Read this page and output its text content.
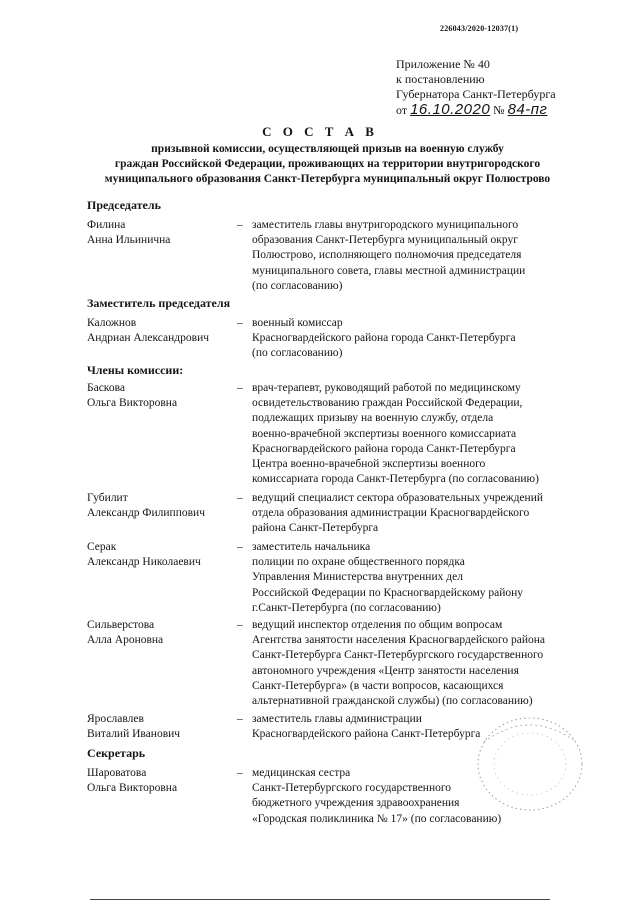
226043/2020-12037(1)
Приложение № 40
к постановлению
Губернатора Санкт-Петербурга
от 16.10.2020 № 84-пг
С О С Т А В
призывной комиссии, осуществляющей призыв на военную службу
граждан Российской Федерации, проживающих на территории внутригородского
муниципального образования Санкт-Петербурга муниципальный округ Полюстрово
Председатель
Филина
Анна Ильинична
– заместитель главы внутригородского муниципального
образования Санкт-Петербурга муниципальный округ
Полюстрово, исполняющего полномочия председателя
муниципального совета, главы местной администрации
(по согласованию)
Заместитель председателя
Каложнов
Андриан Александрович
– военный комиссар
Красногвардейского района города Санкт-Петербурга
(по согласованию)
Члены комиссии:
Баскова
Ольга Викторовна
– врач-терапевт, руководящий работой по медицинскому
освидетельствованию граждан Российской Федерации,
подлежащих призыву на военную службу, отдела
военно-врачебной экспертизы военного комиссариата
Красногвардейского района города Санкт-Петербурга
Центра военно-врачебной экспертизы военного
комиссариата города Санкт-Петербурга (по согласованию)
Губилит
Александр Филиппович
– ведущий специалист сектора образовательных учреждений
отдела образования администрации Красногвардейского
района Санкт-Петербурга
Серак
Александр Николаевич
– заместитель начальника
полиции по охране общественного порядка
Управления Министерства внутренних дел
Российской Федерации по Красногвардейскому району
г.Санкт-Петербурга (по согласованию)
Сильверстова
Алла Ароновна
– ведущий инспектор отделения по общим вопросам
Агентства занятости населения Красногвардейского района
Санкт-Петербурга Санкт-Петербургского государственного
автономного учреждения «Центр занятости населения
Санкт-Петербурга» (в части вопросов, касающихся
альтернативной гражданской службы) (по согласованию)
Ярославлев
Виталий Иванович
– заместитель главы администрации
Красногвардейского района Санкт-Петербурга
Секретарь
Шароватова
Ольга Викторовна
– медицинская сестра
Санкт-Петербургского государственного
бюджетного учреждения здравоохранения
«Городская поликлиника № 17» (по согласованию)
